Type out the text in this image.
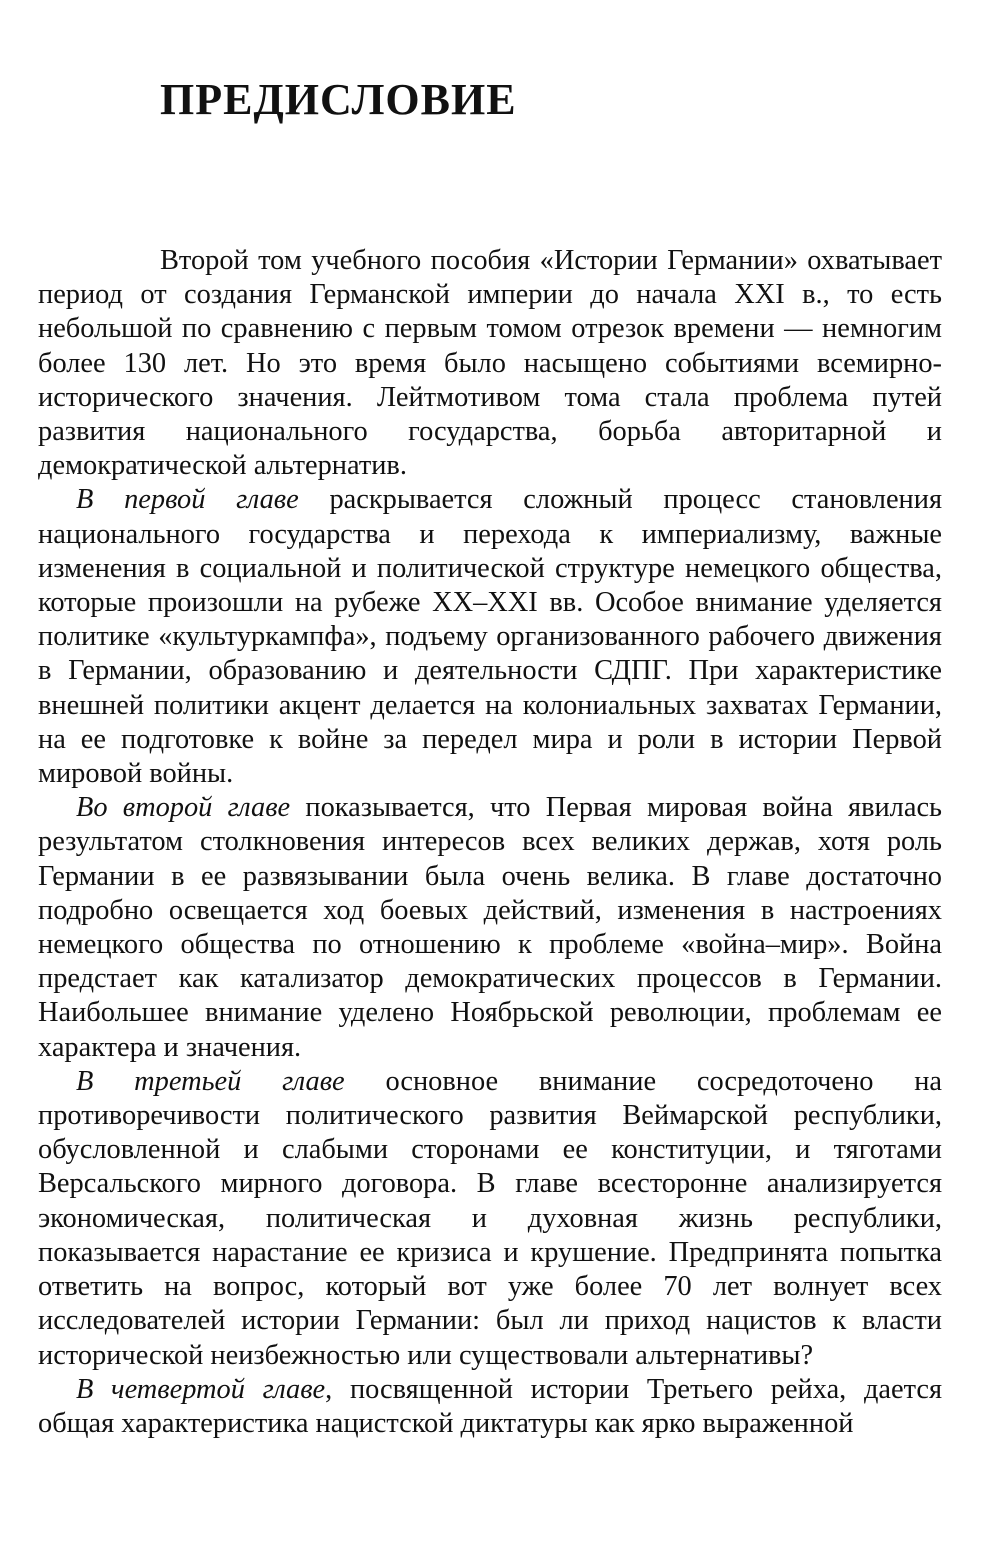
ПРЕДИСЛОВИЕ

Второй том учебного пособия «Истории Германии» охватывает период от создания Германской империи до начала XXI в., то есть небольшой по сравнению с первым томом отрезок времени — немногим более 130 лет. Но это время было насыщено событиями всемирно-исторического значения. Лейтмотивом тома стала проблема путей развития национального государства, борьба авторитарной и демократической альтернатив.

В первой главе раскрывается сложный процесс становления национального государства и перехода к империализму, важные изменения в социальной и политической структуре немецкого общества, которые произошли на рубеже XX–XXI вв. Особое внимание уделяется политике «культуркампфа», подъему организованного рабочего движения в Германии, образованию и деятельности СДПГ. При характеристике внешней политики акцент делается на колониальных захватах Германии, на ее подготовке к войне за передел мира и роли в истории Первой мировой войны.

Во второй главе показывается, что Первая мировая война явилась результатом столкновения интересов всех великих держав, хотя роль Германии в ее развязывании была очень велика. В главе достаточно подробно освещается ход боевых действий, изменения в настроениях немецкого общества по отношению к проблеме «война–мир». Война предстает как катализатор демократических процессов в Германии. Наибольшее внимание уделено Ноябрьской революции, проблемам ее характера и значения.

В третьей главе основное внимание сосредоточено на противоречивости политического развития Веймарской республики, обусловленной и слабыми сторонами ее конституции, и тяготами Версальского мирного договора. В главе всесторонне анализируется экономическая, политическая и духовная жизнь республики, показывается нарастание ее кризиса и крушение. Предпринята попытка ответить на вопрос, который вот уже более 70 лет волнует всех исследователей истории Германии: был ли приход нацистов к власти исторической неизбежностью или существовали альтернативы?

В четвертой главе, посвященной истории Третьего рейха, дается общая характеристика нацистской диктатуры как ярко выраженной
